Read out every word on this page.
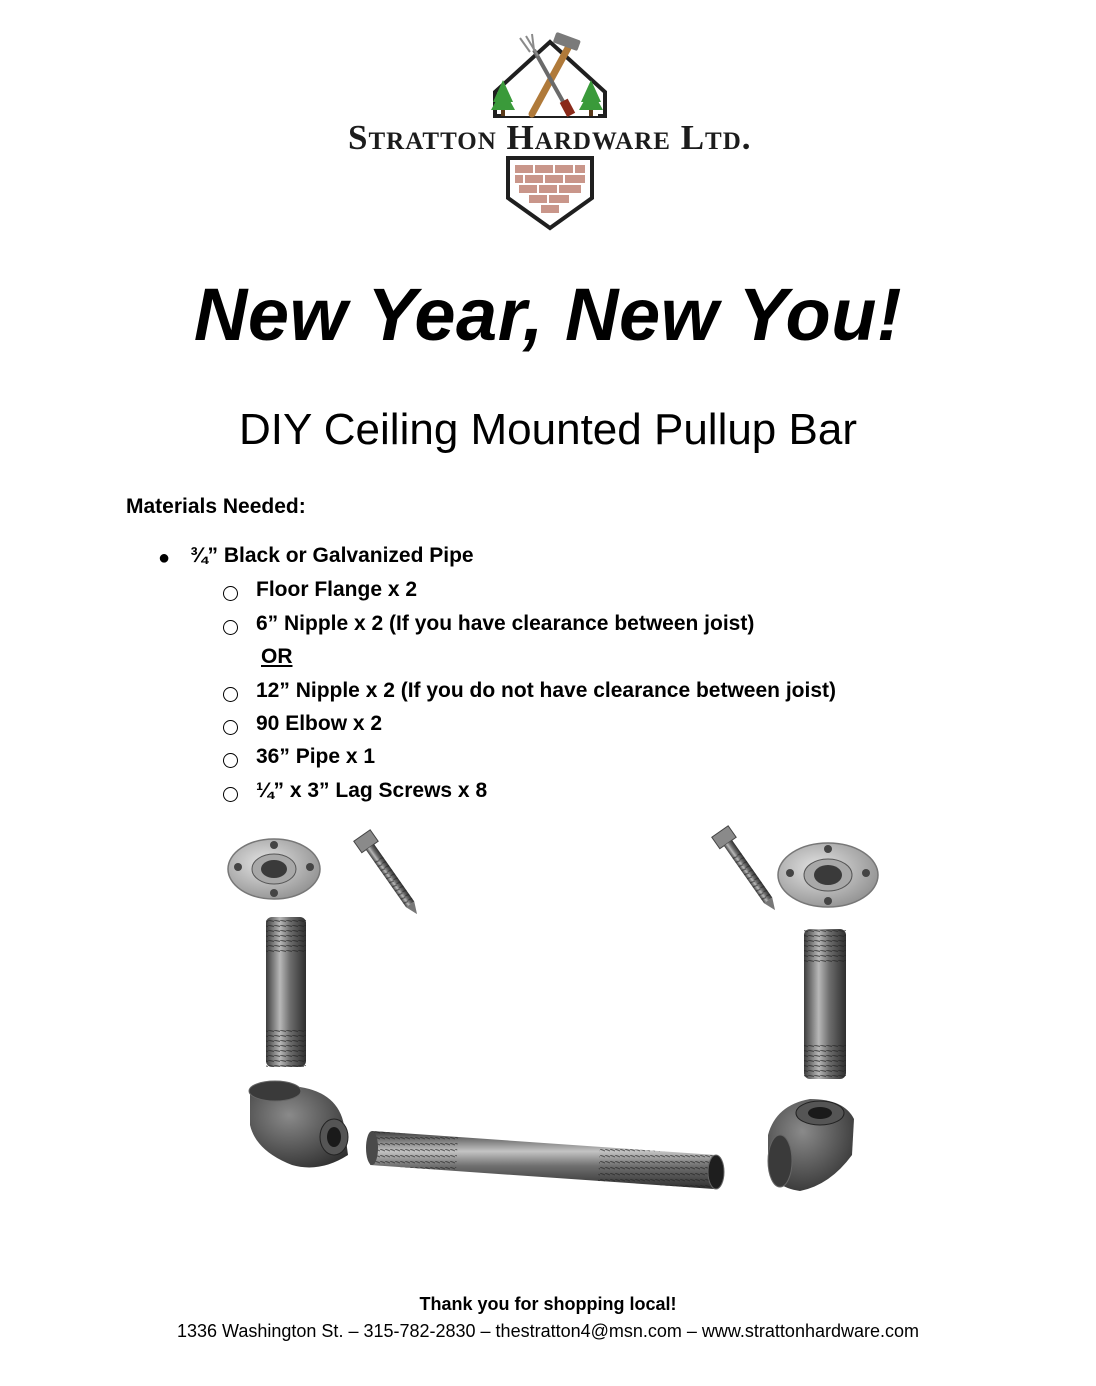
Stratton Hardware Ltd.
New Year, New You!
DIY Ceiling Mounted Pullup Bar
Materials Needed:
● ¾” Black or Galvanized Pipe
Floor Flange x 2
6” Nipple x 2 (If you have clearance between joist)
OR
12” Nipple x 2 (If you do not have clearance between joist)
90 Elbow x 2
36” Pipe x 1
¼” x 3” Lag Screws x 8
Thank you for shopping local!
1336 Washington St. – 315-782-2830 – thestratton4@msn.com – www.strattonhardware.com
